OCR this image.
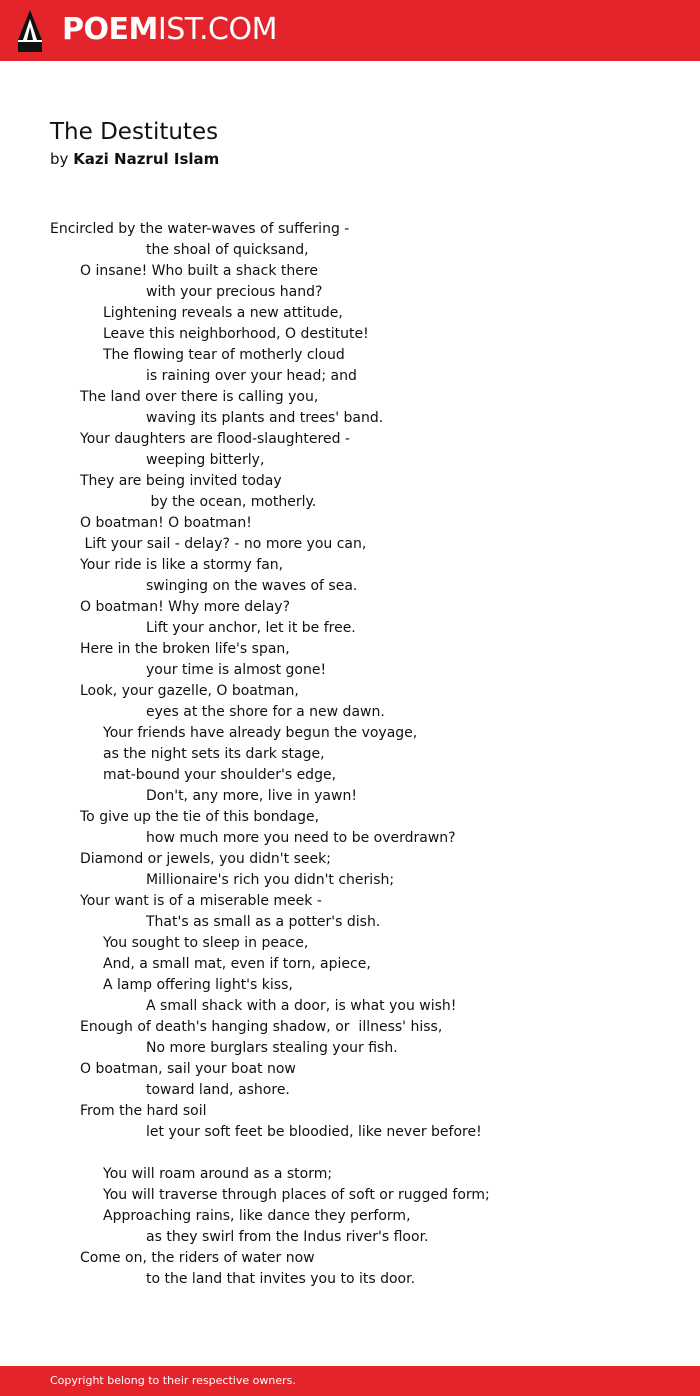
POEMIST.COM
The Destitutes
by Kazi Nazrul Islam
Encircled by the water-waves of suffering -
the shoal of quicksand,
O insane! Who built a shack there
with your precious hand?
Lightening reveals a new attitude,
Leave this neighborhood, O destitute!
The flowing tear of motherly cloud
is raining over your head; and
The land over there is calling you,
waving its plants and trees' band.
Your daughters are flood-slaughtered -
weeping bitterly,
They are being invited today
by the ocean, motherly.
O boatman! O boatman!
Lift your sail - delay? - no more you can,
Your ride is like a stormy fan,
swinging on the waves of sea.
O boatman! Why more delay?
Lift your anchor, let it be free.
Here in the broken life's span,
your time is almost gone!
Look, your gazelle, O boatman,
eyes at the shore for a new dawn.
Your friends have already begun the voyage,
as the night sets its dark stage,
mat-bound your shoulder's edge,
Don't, any more, live in yawn!
To give up the tie of this bondage,
how much more you need to be overdrawn?
Diamond or jewels, you didn't seek;
Millionaire's rich you didn't cherish;
Your want is of a miserable meek -
That's as small as a potter's dish.
You sought to sleep in peace,
And, a small mat, even if torn, apiece,
A lamp offering light's kiss,
A small shack with a door, is what you wish!
Enough of death's hanging shadow, or  illness' hiss,
No more burglars stealing your fish.
O boatman, sail your boat now
toward land, ashore.
From the hard soil
let your soft feet be bloodied, like never before!
You will roam around as a storm;
You will traverse through places of soft or rugged form;
Approaching rains, like dance they perform,
as they swirl from the Indus river's floor.
Come on, the riders of water now
to the land that invites you to its door.
Copyright belong to their respective owners.
